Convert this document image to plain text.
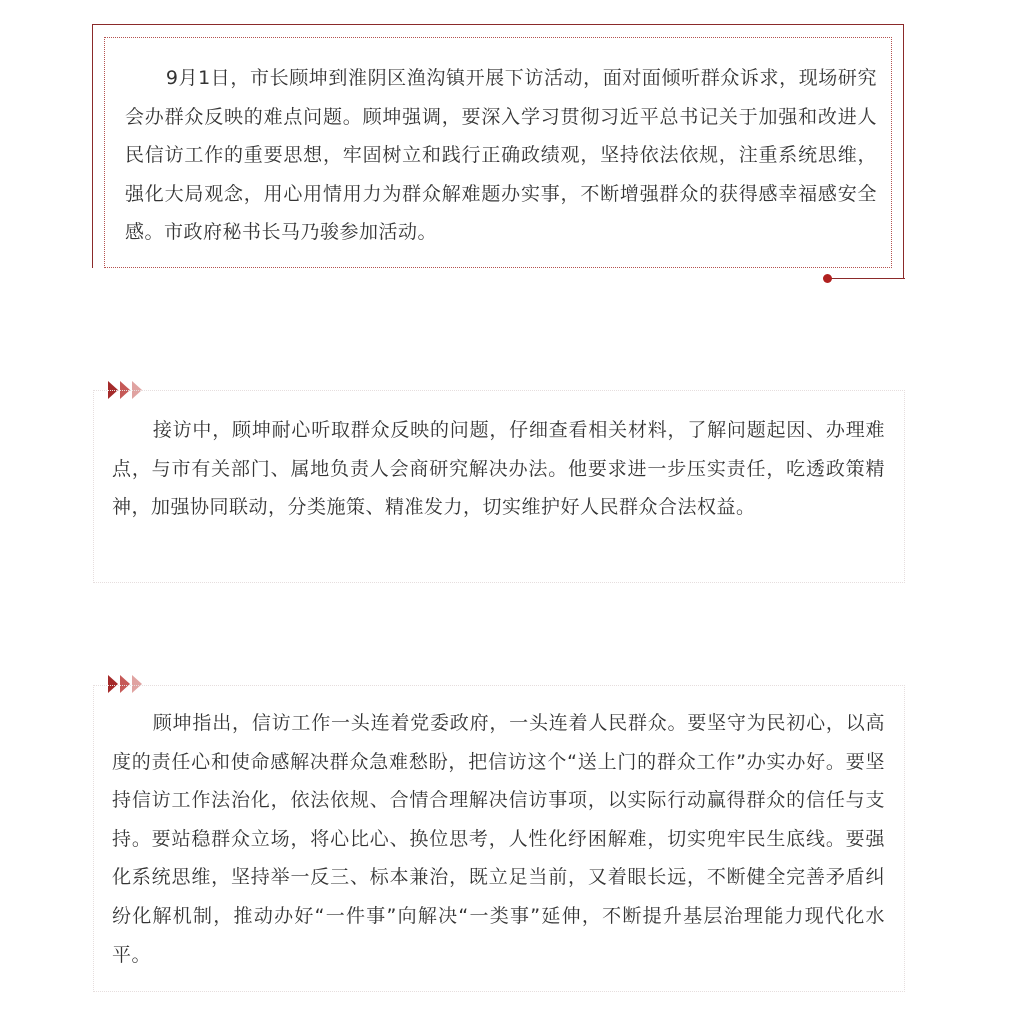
9月1日，市长顾坤到淮阴区渔沟镇开展下访活动，面对面倾听群众诉求，现场研究会办群众反映的难点问题。顾坤强调，要深入学习贯彻习近平总书记关于加强和改进人民信访工作的重要思想，牢固树立和践行正确政绩观，坚持依法依规，注重系统思维，强化大局观念，用心用情用力为群众解难题办实事，不断增强群众的获得感幸福感安全感。市政府秘书长马乃骏参加活动。

接访中，顾坤耐心听取群众反映的问题，仔细查看相关材料，了解问题起因、办理难点，与市有关部门、属地负责人会商研究解决办法。他要求进一步压实责任，吃透政策精神，加强协同联动，分类施策、精准发力，切实维护好人民群众合法权益。

顾坤指出，信访工作一头连着党委政府，一头连着人民群众。要坚守为民初心，以高度的责任心和使命感解决群众急难愁盼，把信访这个“送上门的群众工作”办实办好。要坚持信访工作法治化，依法依规、合情合理解决信访事项，以实际行动赢得群众的信任与支持。要站稳群众立场，将心比心、换位思考，人性化纾困解难，切实兜牢民生底线。要强化系统思维，坚持举一反三、标本兼治，既立足当前，又着眼长远，不断健全完善矛盾纠纷化解机制，推动办好“一件事”向解决“一类事”延伸，不断提升基层治理能力现代化水平。
